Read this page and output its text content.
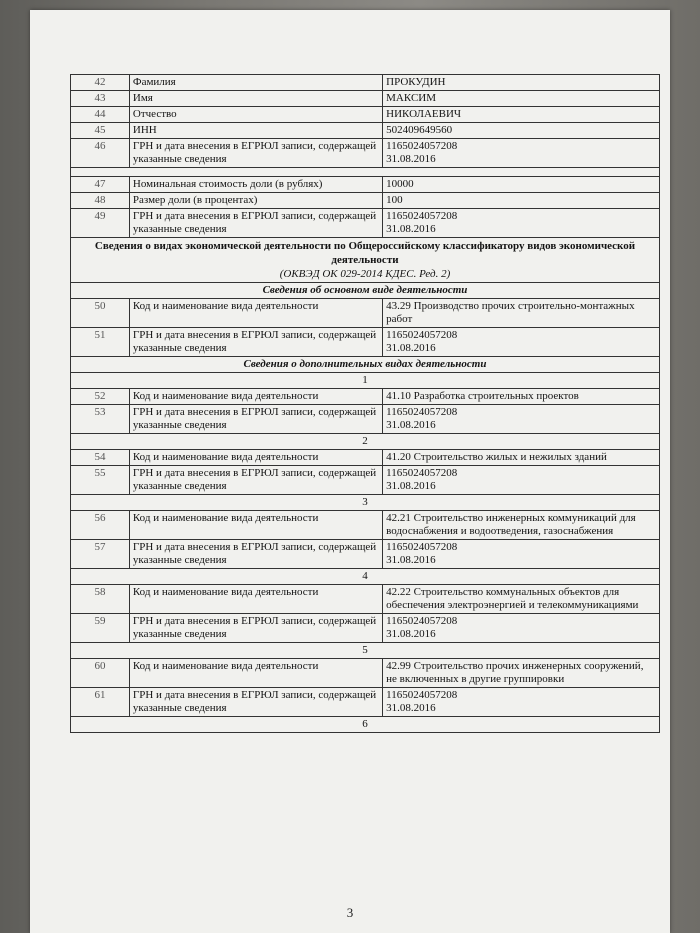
42	Фамилия	ПРОКУДИН
43	Имя	МАКСИМ
44	Отчество	НИКОЛАЕВИЧ
45	ИНН	502409649560
46	ГРН и дата внесения в ЕГРЮЛ записи, содержащей указанные сведения	1165024057208
31.08.2016

47	Номинальная стоимость доли (в рублях)	10000
48	Размер доли (в процентах)	100
49	ГРН и дата внесения в ЕГРЮЛ записи, содержащей указанные сведения	1165024057208
31.08.2016

Сведения о видах экономической деятельности по Общероссийскому классификатору видов экономической деятельности
(ОКВЭД ОК 029-2014 КДЕС. Ред. 2)		

Сведения об основном виде деятельности		
50	Код и наименование вида деятельности	43.29 Производство прочих строительно-монтажных работ
51	ГРН и дата внесения в ЕГРЮЛ записи, содержащей указанные сведения	1165024057208
31.08.2016
Сведения о дополнительных видах деятельности		
1		
52	Код и наименование вида деятельности	41.10 Разработка строительных проектов
53	ГРН и дата внесения в ЕГРЮЛ записи, содержащей указанные сведения	1165024057208
31.08.2016
2		
54	Код и наименование вида деятельности	41.20 Строительство жилых и нежилых зданий
55	ГРН и дата внесения в ЕГРЮЛ записи, содержащей указанные сведения	1165024057208
31.08.2016
3		
56	Код и наименование вида деятельности	42.21 Строительство инженерных коммуникаций для водоснабжения и водоотведения, газоснабжения
57	ГРН и дата внесения в ЕГРЮЛ записи, содержащей указанные сведения	1165024057208
31.08.2016
4		
58	Код и наименование вида деятельности	42.22 Строительство коммунальных объектов для обеспечения электроэнергией и телекоммуникациями
59	ГРН и дата внесения в ЕГРЮЛ записи, содержащей указанные сведения	1165024057208
31.08.2016
5		
60	Код и наименование вида деятельности	42.99 Строительство прочих инженерных сооружений, не включенных в другие группировки
61	ГРН и дата внесения в ЕГРЮЛ записи, содержащей указанные сведения	1165024057208
31.08.2016
6		
3
